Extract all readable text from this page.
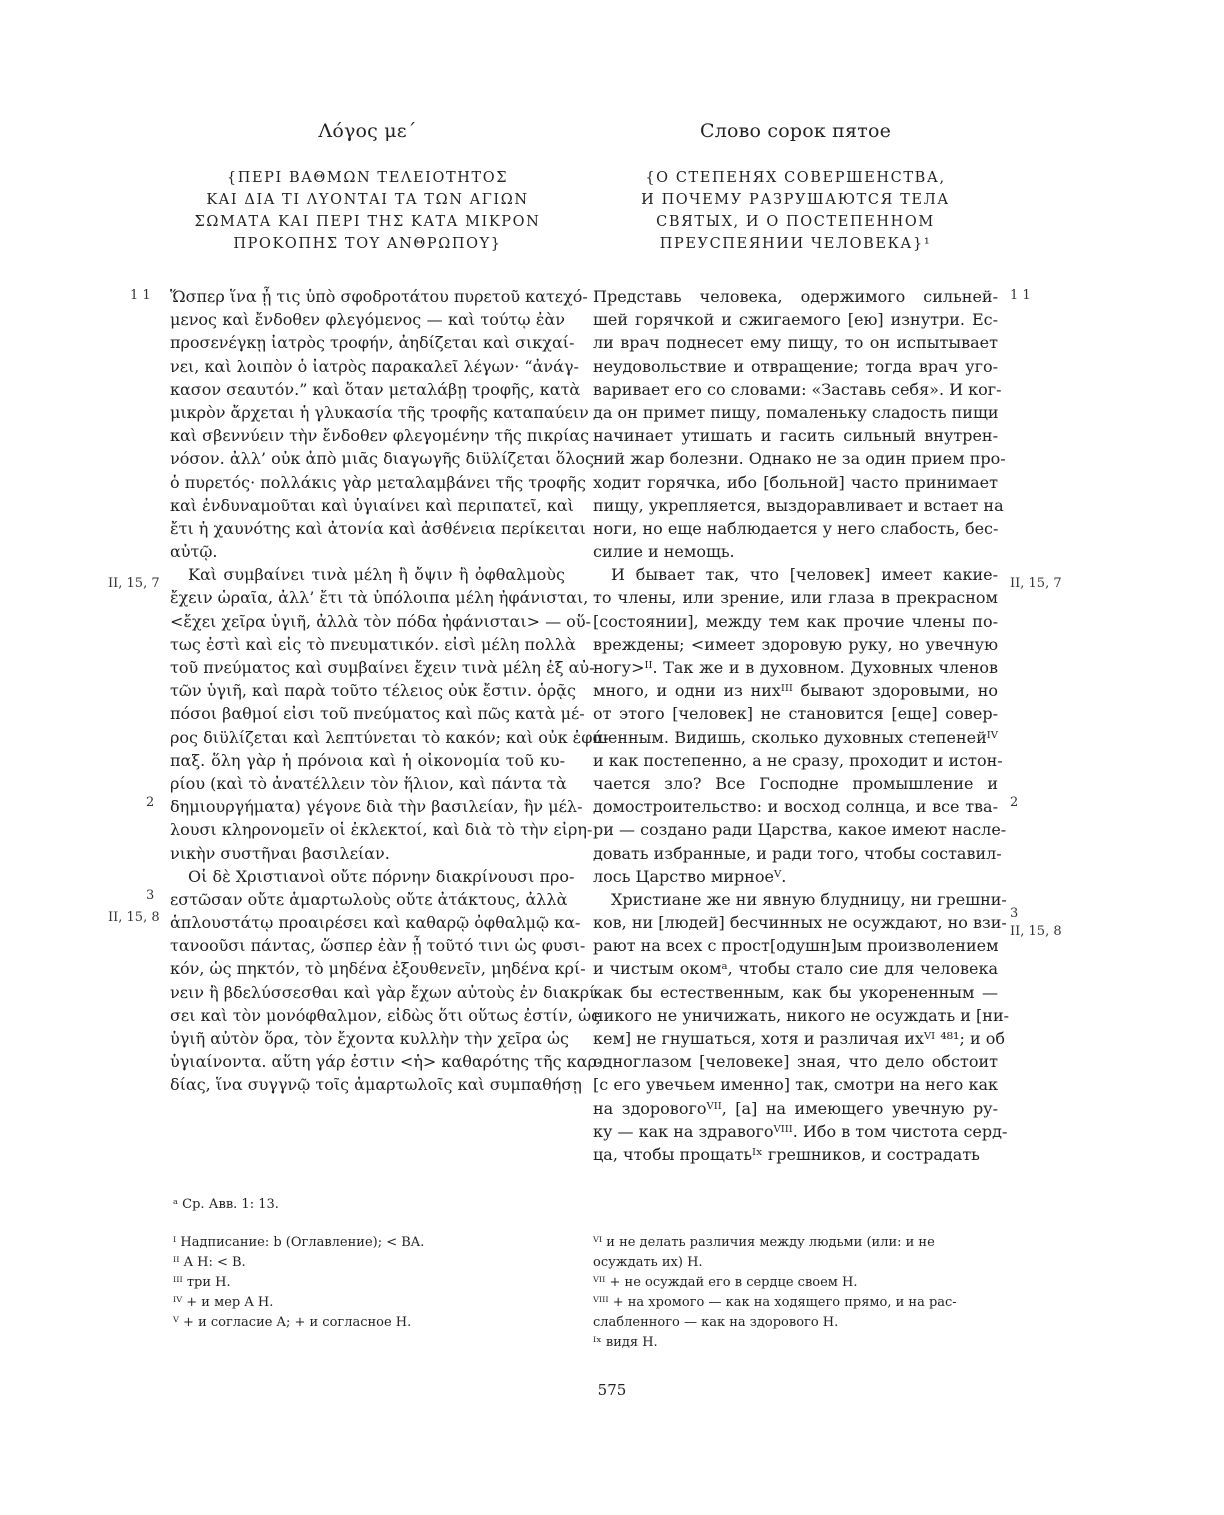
Λόγος με´
{ΠΕΡΙ ΒΑΘΜΩΝ ΤΕΛΕΙΟΤΗΤΟΣ
ΚΑΙ ΔΙΑ ΤΙ ΛΥΟΝΤΑΙ ΤΑ ΤΩΝ ΑΓΙΩΝ
ΣΩΜΑΤΑ ΚΑΙ ΠΕΡΙ ΤΗΣ ΚΑΤΑ ΜΙΚΡΟΝ
ΠΡΟΚΟΠΗΣ ΤΟΥ ΑΝΘΡΩΠΟΥ}
Ὥσπερ ἵνα ᾖ τις ὑπὸ σφοδροτάτου πυρετοῦ κατεχό-
μενος καὶ ἔνδοθεν φλεγόμενος — καὶ τούτῳ ἐὰν
προσενέγκῃ ἰατρὸς τροφήν, ἀηδίζεται καὶ σικχαί-
νει, καὶ λοιπὸν ὁ ἰατρὸς παρακαλεῖ λέγων· “ἀνάγ-
κασον σεαυτόν.” καὶ ὅταν μεταλάβῃ τροφῆς, κατὰ
μικρὸν ἄρχεται ἡ γλυκασία τῆς τροφῆς καταπαύειν
καὶ σβεννύειν τὴν ἔνδοθεν φλεγομένην τῆς πικρίας
νόσον. ἀλλ’ οὐκ ἀπὸ μιᾶς διαγωγῆς διϋλίζεται ὅλος
ὁ πυρετός· πολλάκις γὰρ μεταλαμβάνει τῆς τροφῆς
καὶ ἐνδυναμοῦται καὶ ὑγιαίνει καὶ περιπατεῖ, καὶ
ἔτι ἡ χαυνότης καὶ ἀτονία καὶ ἀσθένεια περίκειται
αὐτῷ.
Καὶ συμβαίνει τινὰ μέλη ἢ ὄψιν ἢ ὀφθαλμοὺς
ἔχειν ὡραῖα, ἀλλ’ ἔτι τὰ ὑπόλοιπα μέλη ἠφάνισται,
<ἔχει χεῖρα ὑγιῆ, ἀλλὰ τὸν πόδα ἠφάνισται> — οὕ-
τως ἐστὶ καὶ εἰς τὸ πνευματικόν. εἰσὶ μέλη πολλὰ
τοῦ πνεύματος καὶ συμβαίνει ἔχειν τινὰ μέλη ἐξ αὐ-
τῶν ὑγιῆ, καὶ παρὰ τοῦτο τέλειος οὐκ ἔστιν. ὁρᾷς
πόσοι βαθμοί εἰσι τοῦ πνεύματος καὶ πῶς κατὰ μέ-
ρος διϋλίζεται καὶ λεπτύνεται τὸ κακόν; καὶ οὐκ ἐφά-
παξ. ὅλη γὰρ ἡ πρόνοια καὶ ἡ οἰκονομία τοῦ κυ-
ρίου (καὶ τὸ ἀνατέλλειν τὸν ἥλιον, καὶ πάντα τὰ
δημιουργήματα) γέγονε διὰ τὴν βασιλείαν, ἣν μέλ-
λουσι κληρονομεῖν οἱ ἐκλεκτοί, καὶ διὰ τὸ τὴν εἰρη-
νικὴν συστῆναι βασιλείαν.
Οἱ δὲ Χριστιανοὶ οὔτε πόρνην διακρίνουσι προ-
εστῶσαν οὔτε ἁμαρτωλοὺς οὔτε ἀτάκτους, ἀλλὰ
ἁπλουστάτῳ προαιρέσει καὶ καθαρῷ ὀφθαλμῷ κα-
τανοοῦσι πάντας, ὥσπερ ἐὰν ᾖ τοῦτό τινι ὡς φυσι-
κόν, ὡς πηκτόν, τὸ μηδένα ἐξουθενεῖν, μηδένα κρί-
νειν ἢ βδελύσσεσθαι καὶ γὰρ ἔχων αὐτοὺς ἐν διακρί-
σει καὶ τὸν μονόφθαλμον, εἰδὼς ὅτι οὕτως ἐστίν, ὡς
ὑγιῆ αὐτὸν ὅρα, τὸν ἔχοντα κυλλὴν τὴν χεῖρα ὡς
ὑγιαίνοντα. αὕτη γάρ ἐστιν <ἡ> καθαρότης τῆς καρ-
δίας, ἵνα συγγνῷ τοῖς ἁμαρτωλοῖς καὶ συμπαθήσῃ
1 1
II, 15, 7
2
3
II, 15, 8
Слово сорок пятое
{О СТЕПЕНЯХ СОВЕРШЕНСТВА,
И ПОЧЕМУ РАЗРУШАЮТСЯ ТЕЛА
СВЯТЫХ, И О ПОСТЕПЕННОМ
ПРЕУСПЕЯНИИ ЧЕЛОВЕКА}¹
Представь человека, одержимого сильней-
шей горячкой и сжигаемого [ею] изнутри. Ес-
ли врач поднесет ему пищу, то он испытывает
неудовольствие и отвращение; тогда врач уго-
варивает его со словами: «Заставь себя». И ког-
да он примет пищу, помаленьку сладость пищи
начинает утишать и гасить сильный внутрен-
ний жар болезни. Однако не за один прием про-
ходит горячка, ибо [больной] часто принимает
пищу, укрепляется, выздоравливает и встает на
ноги, но еще наблюдается у него слабость, бес-
силие и немощь.
И бывает так, что [человек] имеет какие-
то члены, или зрение, или глаза в прекрасном
[состоянии], между тем как прочие члены по-
вреждены; <имеет здоровую руку, но увечную
ногу>ᴵᴵ. Так же и в духовном. Духовных членов
много, и одни из нихᴵᴵᴵ бывают здоровыми, но
от этого [человек] не становится [еще] совер-
шенным. Видишь, сколько духовных степенейᴵⱽ
и как постепенно, а не сразу, проходит и истон-
чается зло? Все Господне промышление и
домостроительство: и восход солнца, и все тва-
ри — создано ради Царства, какое имеют насле-
довать избранные, и ради того, чтобы составил-
лось Царство мирноеⱽ.
Христиане же ни явную блудницу, ни грешни-
ков, ни [людей] бесчинных не осуждают, но взи-
рают на всех с прост[одушн]ым произволением
и чистым окомᵃ, чтобы стало сие для человека
как бы естественным, как бы укорененным —
никого не уничижать, никого не осуждать и [ни-
кем] не гнушаться, хотя и различая ихⱽᴵ ⁴⁸¹; и об
одноглазом [человеке] зная, что дело обстоит
[с его увечьем именно] так, смотри на него как
на здоровогоⱽᴵᴵ, [а] на имеющего увечную ру-
ку — как на здравогоⱽᴵᴵᴵ. Ибо в том чистота серд-
ца, чтобы прощатьᴵˣ грешников, и сострадать
1 1
II, 15, 7
2
3
II, 15, 8
ᵃ Ср. Авв. 1: 13.
ᴵ Надписание: b (Оглавление); < BA.
ᴵᴵ A H: < B.
ᴵᴵᴵ три H.
ᴵⱽ + и мер A H.
ⱽ + и согласие A; + и согласное H.
ⱽᴵ и не делать различия между людьми (или: и не
осуждать их) H.
ⱽᴵᴵ + не осуждай его в сердце своем H.
ⱽᴵᴵᴵ + на хромого — как на ходящего прямо, и на рас-
слабленного — как на здорового H.
ᴵˣ видя H.
575
